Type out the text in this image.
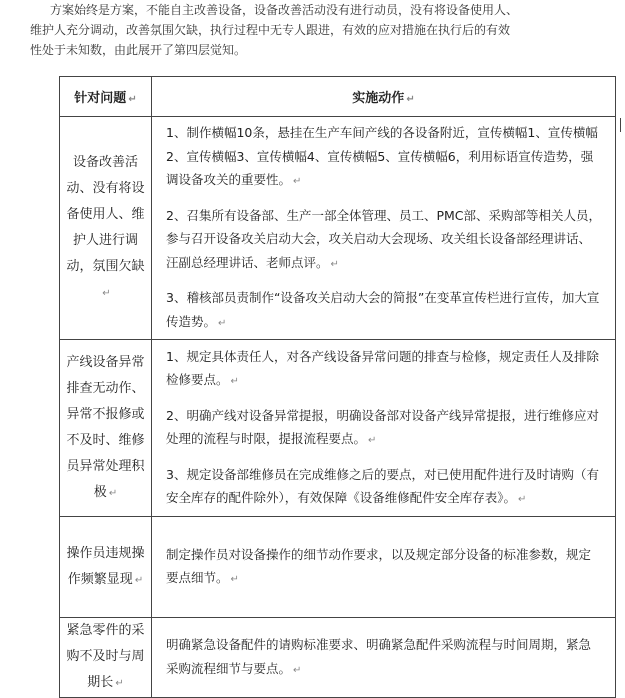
方案始终是方案，不能自主改善设备，设备改善活动没有进行动员，没有将设备使用人、
维护人充分调动，改善氛围欠缺，执行过程中无专人跟进，有效的应对措施在执行后的有效
性处于未知数，由此展开了第四层觉知。
针对问题 ↵	实施动作 ↵
设备改善活动、没有将设备使用人、维护人进行调动，氛围欠缺↵	1、制作横幅10条，悬挂在生产车间产线的各设备附近，宣传横幅1、宣传横幅2、宣传横幅3、宣传横幅4、宣传横幅5、宣传横幅6，利用标语宣传造势，强调设备攻关的重要性。 ↵

2、召集所有设备部、生产一部全体管理、员工、PMC部、采购部等相关人员，参与召开设备攻关启动大会，攻关启动大会现场、攻关组长设备部经理讲话、汪副总经理讲话、老师点评。 ↵

3、稽核部员责制作“设备攻关启动大会的简报”在变革宣传栏进行宣传，加大宣传造势。 ↵

产线设备异常排查无动作、异常不报修或不及时、维修员异常处理积极 ↵	1、规定具体责任人，对各产线设备异常问题的排查与检修，规定责任人及排除检修要点。 ↵

2、明确产线对设备异常提报，明确设备部对设备产线异常提报，进行维修应对处理的流程与时限，提报流程要点。 ↵

3、规定设备部维修员在完成维修之后的要点，对已使用配件进行及时请购（有安全库存的配件除外），有效保障《设备维修配件安全库存表》。 ↵

操作员违规操作频繁显现 ↵	制定操作员对设备操作的细节动作要求，以及规定部分设备的标准参数，规定要点细节。 ↵

紧急零件的采购不及时与周期长 ↵	明确紧急设备配件的请购标准要求、明确紧急配件采购流程与时间周期，紧急采购流程细节与要点。 ↵
